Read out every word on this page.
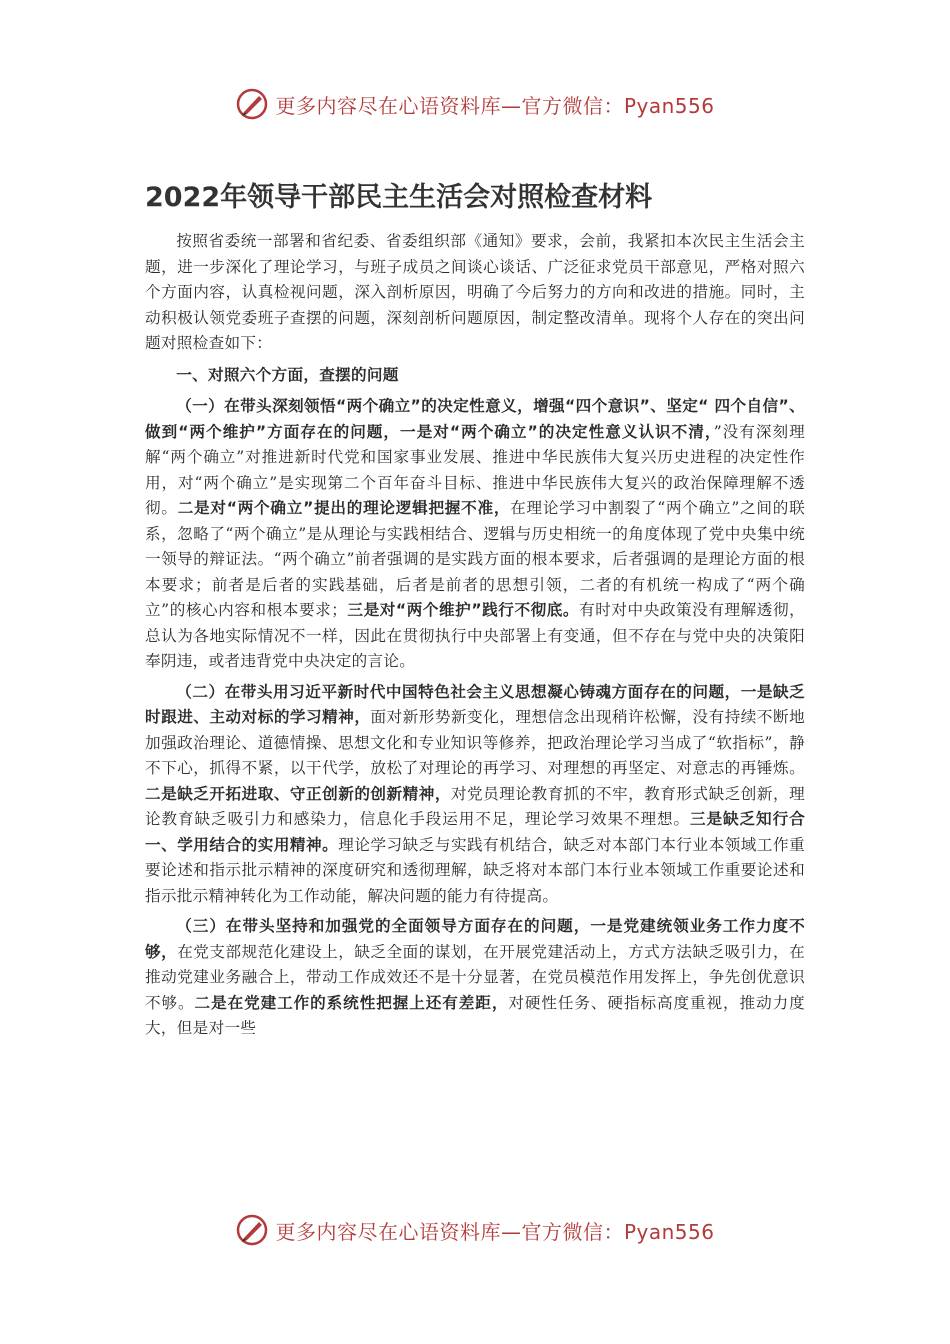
更多内容尽在心语资料库—官方微信：Pyan556
2022年领导干部民主生活会对照检查材料

按照省委统一部署和省纪委、省委组织部《通知》要求，会前，我紧扣本次民主生活会主题，进一步深化了理论学习，与班子成员之间谈心谈话、广泛征求党员干部意见，严格对照六个方面内容，认真检视问题，深入剖析原因，明确了今后努力的方向和改进的措施。同时，主动积极认领党委班子查摆的问题，深刻剖析问题原因，制定整改清单。现将个人存在的突出问题对照检查如下：

一、对照六个方面，查摆的问题

（一）在带头深刻领悟“两个确立”的决定性意义，增强“四个意识”、坚定“ 四个自信”、做到“两个维护”方面存在的问题，一是对“两个确立”的决定性意义认识不清，”没有深刻理解“两个确立”对推进新时代党和国家事业发展、推进中华民族伟大复兴历史进程的决定性作用，对“两个确立”是实现第二个百年奋斗目标、推进中华民族伟大复兴的政治保障理解不透彻。二是对“两个确立”提出的理论逻辑把握不准，在理论学习中割裂了“两个确立”之间的联系，忽略了“两个确立”是从理论与实践相结合、逻辑与历史相统一的角度体现了党中央集中统一领导的辩证法。“两个确立”前者强调的是实践方面的根本要求，后者强调的是理论方面的根本要求；前者是后者的实践基础，后者是前者的思想引领，二者的有机统一构成了“两个确立”的核心内容和根本要求；三是对“两个维护”践行不彻底。有时对中央政策没有理解透彻，总认为各地实际情况不一样，因此在贯彻执行中央部署上有变通，但不存在与党中央的决策阳奉阴违，或者违背党中央决定的言论。

（二）在带头用习近平新时代中国特色社会主义思想凝心铸魂方面存在的问题，一是缺乏时跟进、主动对标的学习精神，面对新形势新变化，理想信念出现稍许松懈，没有持续不断地加强政治理论、道德情操、思想文化和专业知识等修养，把政治理论学习当成了“软指标”，静不下心，抓得不紧，以干代学，放松了对理论的再学习、对理想的再坚定、对意志的再锤炼。二是缺乏开拓进取、守正创新的创新精神，对党员理论教育抓的不牢，教育形式缺乏创新，理论教育缺乏吸引力和感染力，信息化手段运用不足，理论学习效果不理想。三是缺乏知行合一、学用结合的实用精神。理论学习缺乏与实践有机结合，缺乏对本部门本行业本领域工作重要论述和指示批示精神的深度研究和透彻理解，缺乏将对本部门本行业本领域工作重要论述和指示批示精神转化为工作动能，解决问题的能力有待提高。

（三）在带头坚持和加强党的全面领导方面存在的问题，一是党建统领业务工作力度不够，在党支部规范化建设上，缺乏全面的谋划，在开展党建活动上，方式方法缺乏吸引力，在推动党建业务融合上，带动工作成效还不是十分显著，在党员模范作用发挥上，争先创优意识不够。二是在党建工作的系统性把握上还有差距，对硬性任务、硬指标高度重视，推动力度大，但是对一些

更多内容尽在心语资料库—官方微信：Pyan556
